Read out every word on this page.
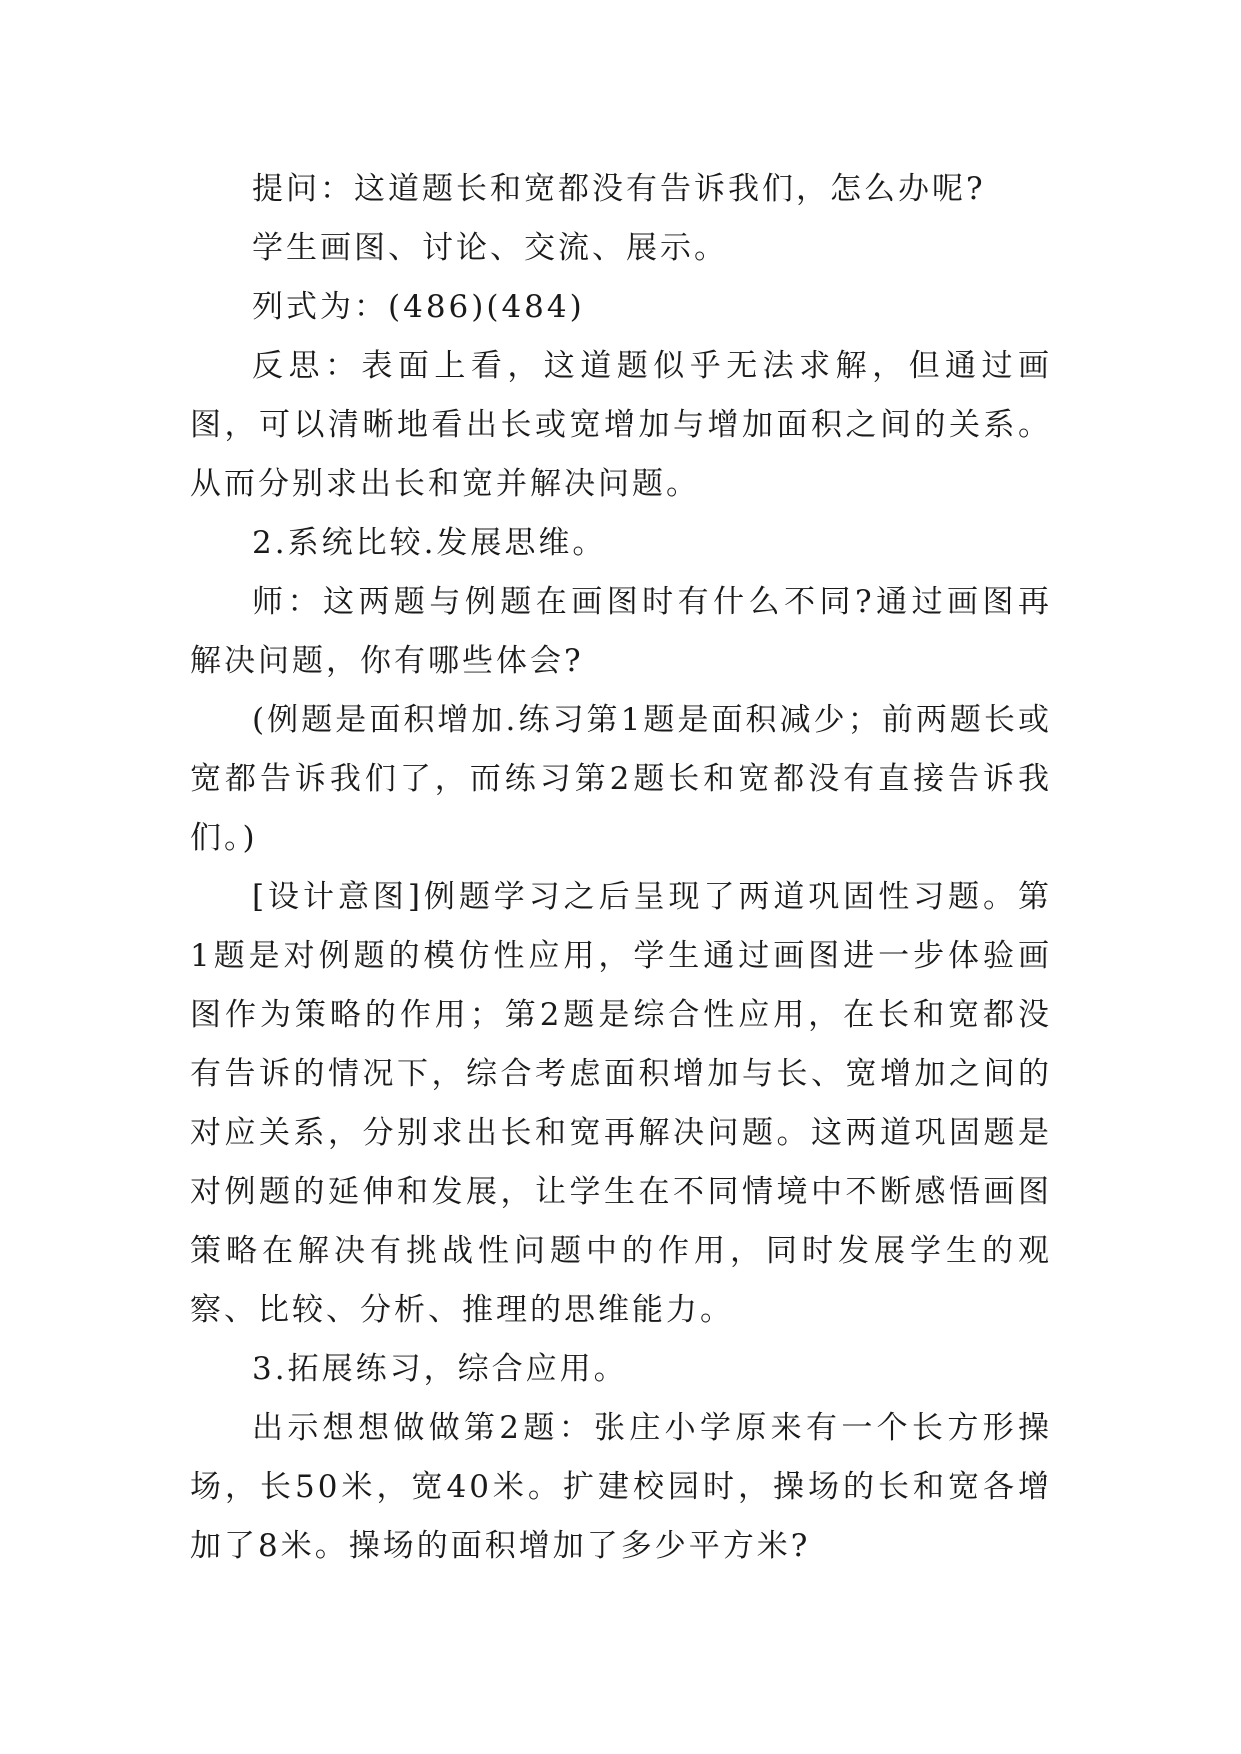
提问：这道题长和宽都没有告诉我们，怎么办呢?

学生画图、讨论、交流、展示。

列式为：(486)(484)

反思：表面上看，这道题似乎无法求解，但通过画图，可以清晰地看出长或宽增加与增加面积之间的关系。从而分别求出长和宽并解决问题。

2.系统比较.发展思维。

师：这两题与例题在画图时有什么不同?通过画图再解决问题，你有哪些体会?

(例题是面积增加.练习第1题是面积减少；前两题长或宽都告诉我们了，而练习第2题长和宽都没有直接告诉我们。)

[设计意图]例题学习之后呈现了两道巩固性习题。第1题是对例题的模仿性应用，学生通过画图进一步体验画图作为策略的作用；第2题是综合性应用，在长和宽都没有告诉的情况下，综合考虑面积增加与长、宽增加之间的对应关系，分别求出长和宽再解决问题。这两道巩固题是对例题的延伸和发展，让学生在不同情境中不断感悟画图策略在解决有挑战性问题中的作用，同时发展学生的观察、比较、分析、推理的思维能力。

3.拓展练习，综合应用。

出示想想做做第2题：张庄小学原来有一个长方形操场，长50米，宽40米。扩建校园时，操场的长和宽各增加了8米。操场的面积增加了多少平方米?
